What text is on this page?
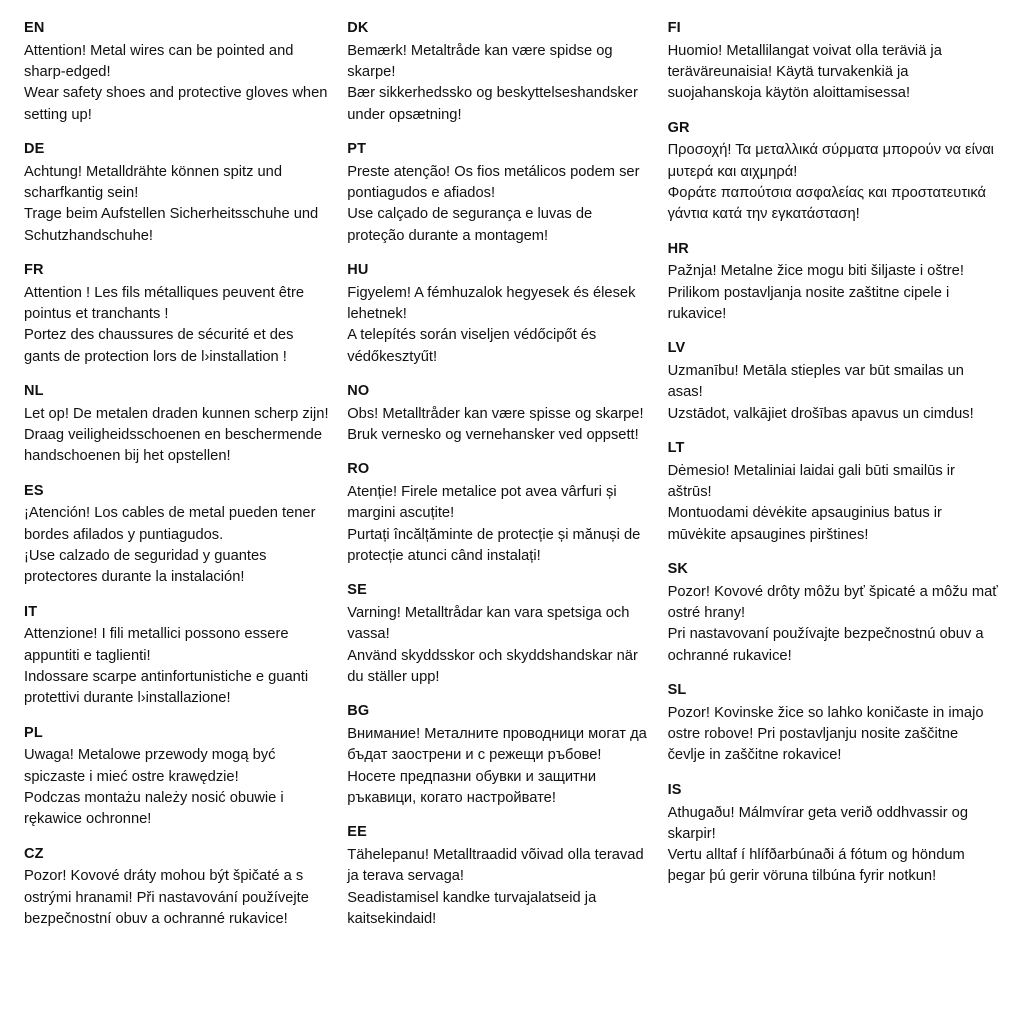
EN
Attention! Metal wires can be pointed and sharp-edged!
Wear safety shoes and protective gloves when setting up!
DE
Achtung! Metalldrähte können spitz und scharfkantig sein!
Trage beim Aufstellen Sicherheitsschuhe und Schutzhandschuhe!
FR
Attention ! Les fils métalliques peuvent être pointus et tranchants !
Portez des chaussures de sécurité et des gants de protection lors de l›installation !
NL
Let op! De metalen draden kunnen scherp zijn!
Draag veiligheidsschoenen en beschermende handschoenen bij het opstellen!
ES
¡Atención! Los cables de metal pueden tener bordes afilados y puntiagudos.
¡Use calzado de seguridad y guantes protectores durante la instalación!
IT
Attenzione! I fili metallici possono essere appuntiti e taglienti!
Indossare scarpe antinfortunistiche e guanti protettivi durante l›installazione!
PL
Uwaga! Metalowe przewody mogą być spiczaste i mieć ostre krawędzie!
Podczas montażu należy nosić obuwie i rękawice ochronne!
CZ
Pozor! Kovové dráty mohou být špičaté a s ostrými hranami! Při nastavování používejte bezpečnostní obuv a ochranné rukavice!
DK
Bemærk! Metaltråde kan være spidse og skarpe!
Bær sikkerhedssko og beskyttelseshandsker under opsætning!
PT
Preste atenção! Os fios metálicos podem ser pontiagudos e afiados!
Use calçado de segurança e luvas de proteção durante a montagem!
HU
Figyelem! A fémhuzalok hegyesek és élesek lehetnek!
A telepítés során viseljen védőcipőt és védőkesztyűt!
NO
Obs! Metalltråder kan være spisse og skarpe!
Bruk vernesko og vernehansker ved oppsett!
RO
Atenție! Firele metalice pot avea vârfuri și margini ascuțite!
Purtați încălțăminte de protecție și mănuși de protecție atunci când instalați!
SE
Varning! Metalltrådar kan vara spetsiga och vassa!
Använd skyddsskor och skyddshandskar när du ställer upp!
BG
Внимание! Металните проводници могат да бъдат заострени и с режещи ръбове!
Носете предпазни обувки и защитни ръкавици, когато настройвате!
EE
Tähelepanu! Metalltraadid võivad olla teravad ja terava servaga!
Seadistamisel kandke turvajalatseid ja kaitsekindaid!
FI
Huomio! Metallilangat voivat olla teräviä ja teräväreunaisia! Käytä turvakenkiä ja suojahanskoja käytön aloittamisessa!
GR
Προσοχή! Τα μεταλλικά σύρματα μπορούν να είναι μυτερά και αιχμηρά!
Φοράτε παπούτσια ασφαλείας και προστατευτικά γάντια κατά την εγκατάσταση!
HR
Pažnja! Metalne žice mogu biti šiljaste i oštre!
Prilikom postavljanja nosite zaštitne cipele i rukavice!
LV
Uzmanību! Metāla stieples var būt smailas un asas!
Uzstādot, valkājiet drošības apavus un cimdus!
LT
Dėmesio! Metaliniai laidai gali būti smailūs ir aštrūs!
Montuodami dėvėkite apsauginius batus ir mūvėkite apsaugines pirštines!
SK
Pozor! Kovové drôty môžu byť špicaté a môžu mať ostré hrany!
Pri nastavovaní používajte bezpečnostnú obuv a ochranné rukavice!
SL
Pozor! Kovinske žice so lahko koničaste in imajo ostre robove! Pri postavljanju nosite zaščitne čevlje in zaščitne rokavice!
IS
Athugaðu! Málmvírar geta verið oddhvassir og skarpir!
Vertu alltaf í hlífðarbúnaði á fótum og höndum þegar þú gerir vöruna tilbúna fyrir notkun!
